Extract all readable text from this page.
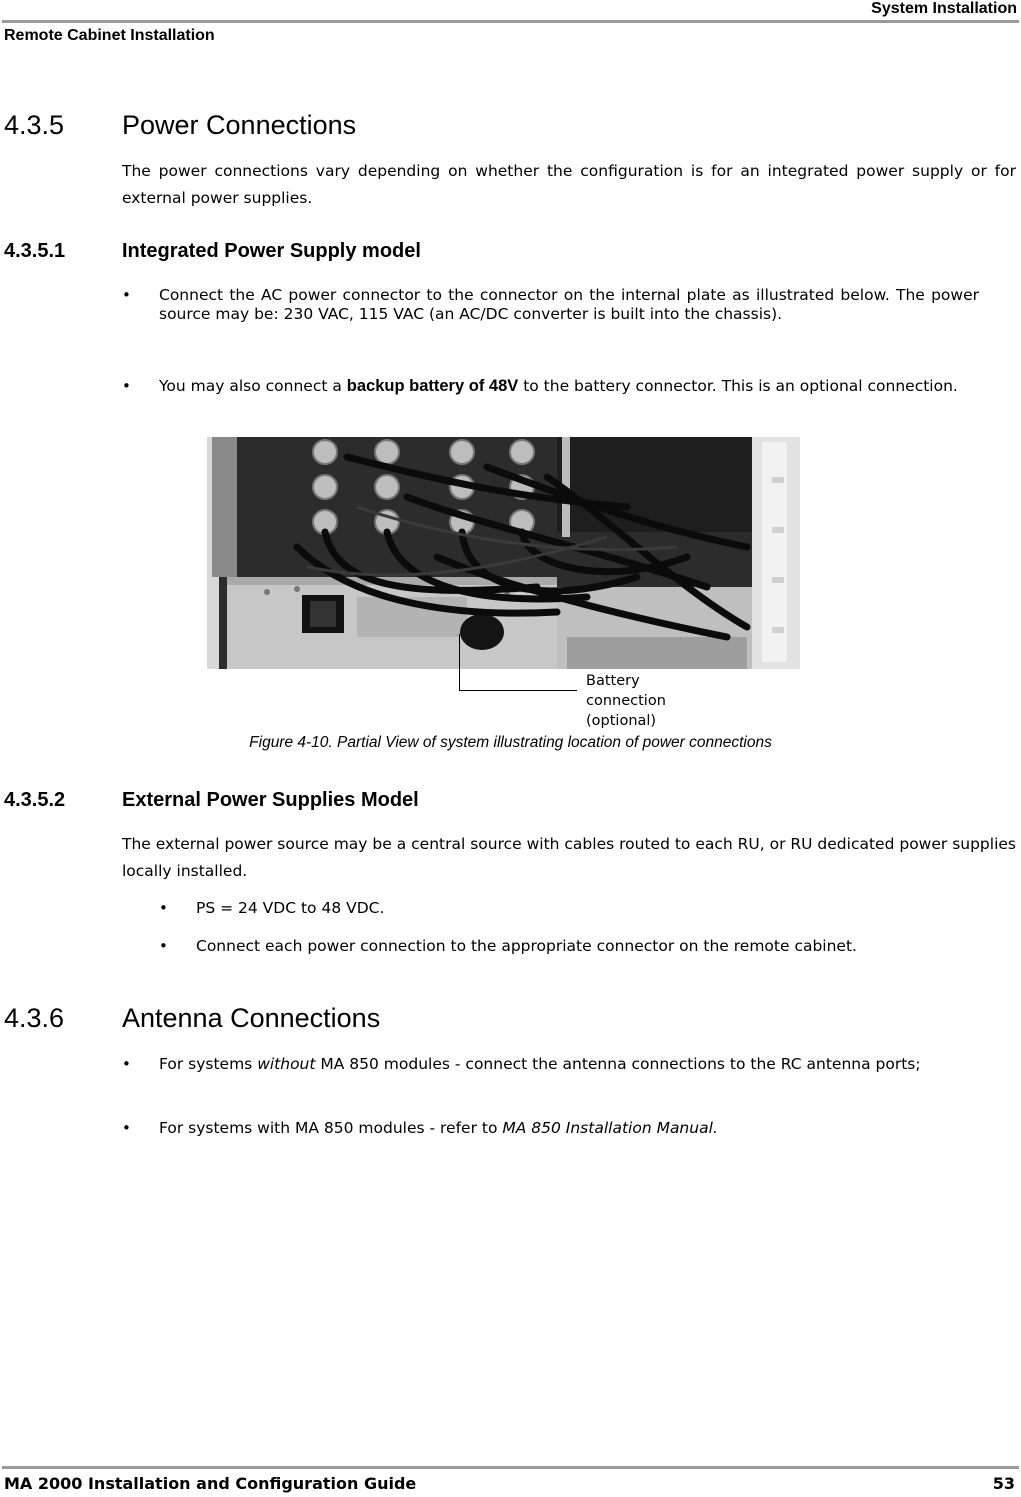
System Installation
Remote Cabinet Installation
4.3.5 Power Connections
The power connections vary depending on whether the configuration is for an integrated power supply or for external power supplies.
4.3.5.1	Integrated Power Supply model
• Connect the AC power connector to the connector on the internal plate as illustrated below. The power source may be: 230 VAC, 115 VAC (an AC/DC converter is built into the chassis).
• You may also connect a backup battery of 48V to the battery connector. This is an optional connection.
Battery connection (optional)
Figure 4-10. Partial View of system illustrating location of power connections
4.3.5.2	External Power Supplies Model
The external power source may be a central source with cables routed to each RU, or RU dedicated power supplies locally installed.
• PS = 24 VDC to 48 VDC.
• Connect each power connection to the appropriate connector on the remote cabinet.
4.3.6 Antenna Connections
• For systems without MA 850 modules - connect the antenna connections to the RC antenna ports;
• For systems with MA 850 modules - refer to MA 850 Installation Manual.
MA 2000 Installation and Configuration Guide	53
